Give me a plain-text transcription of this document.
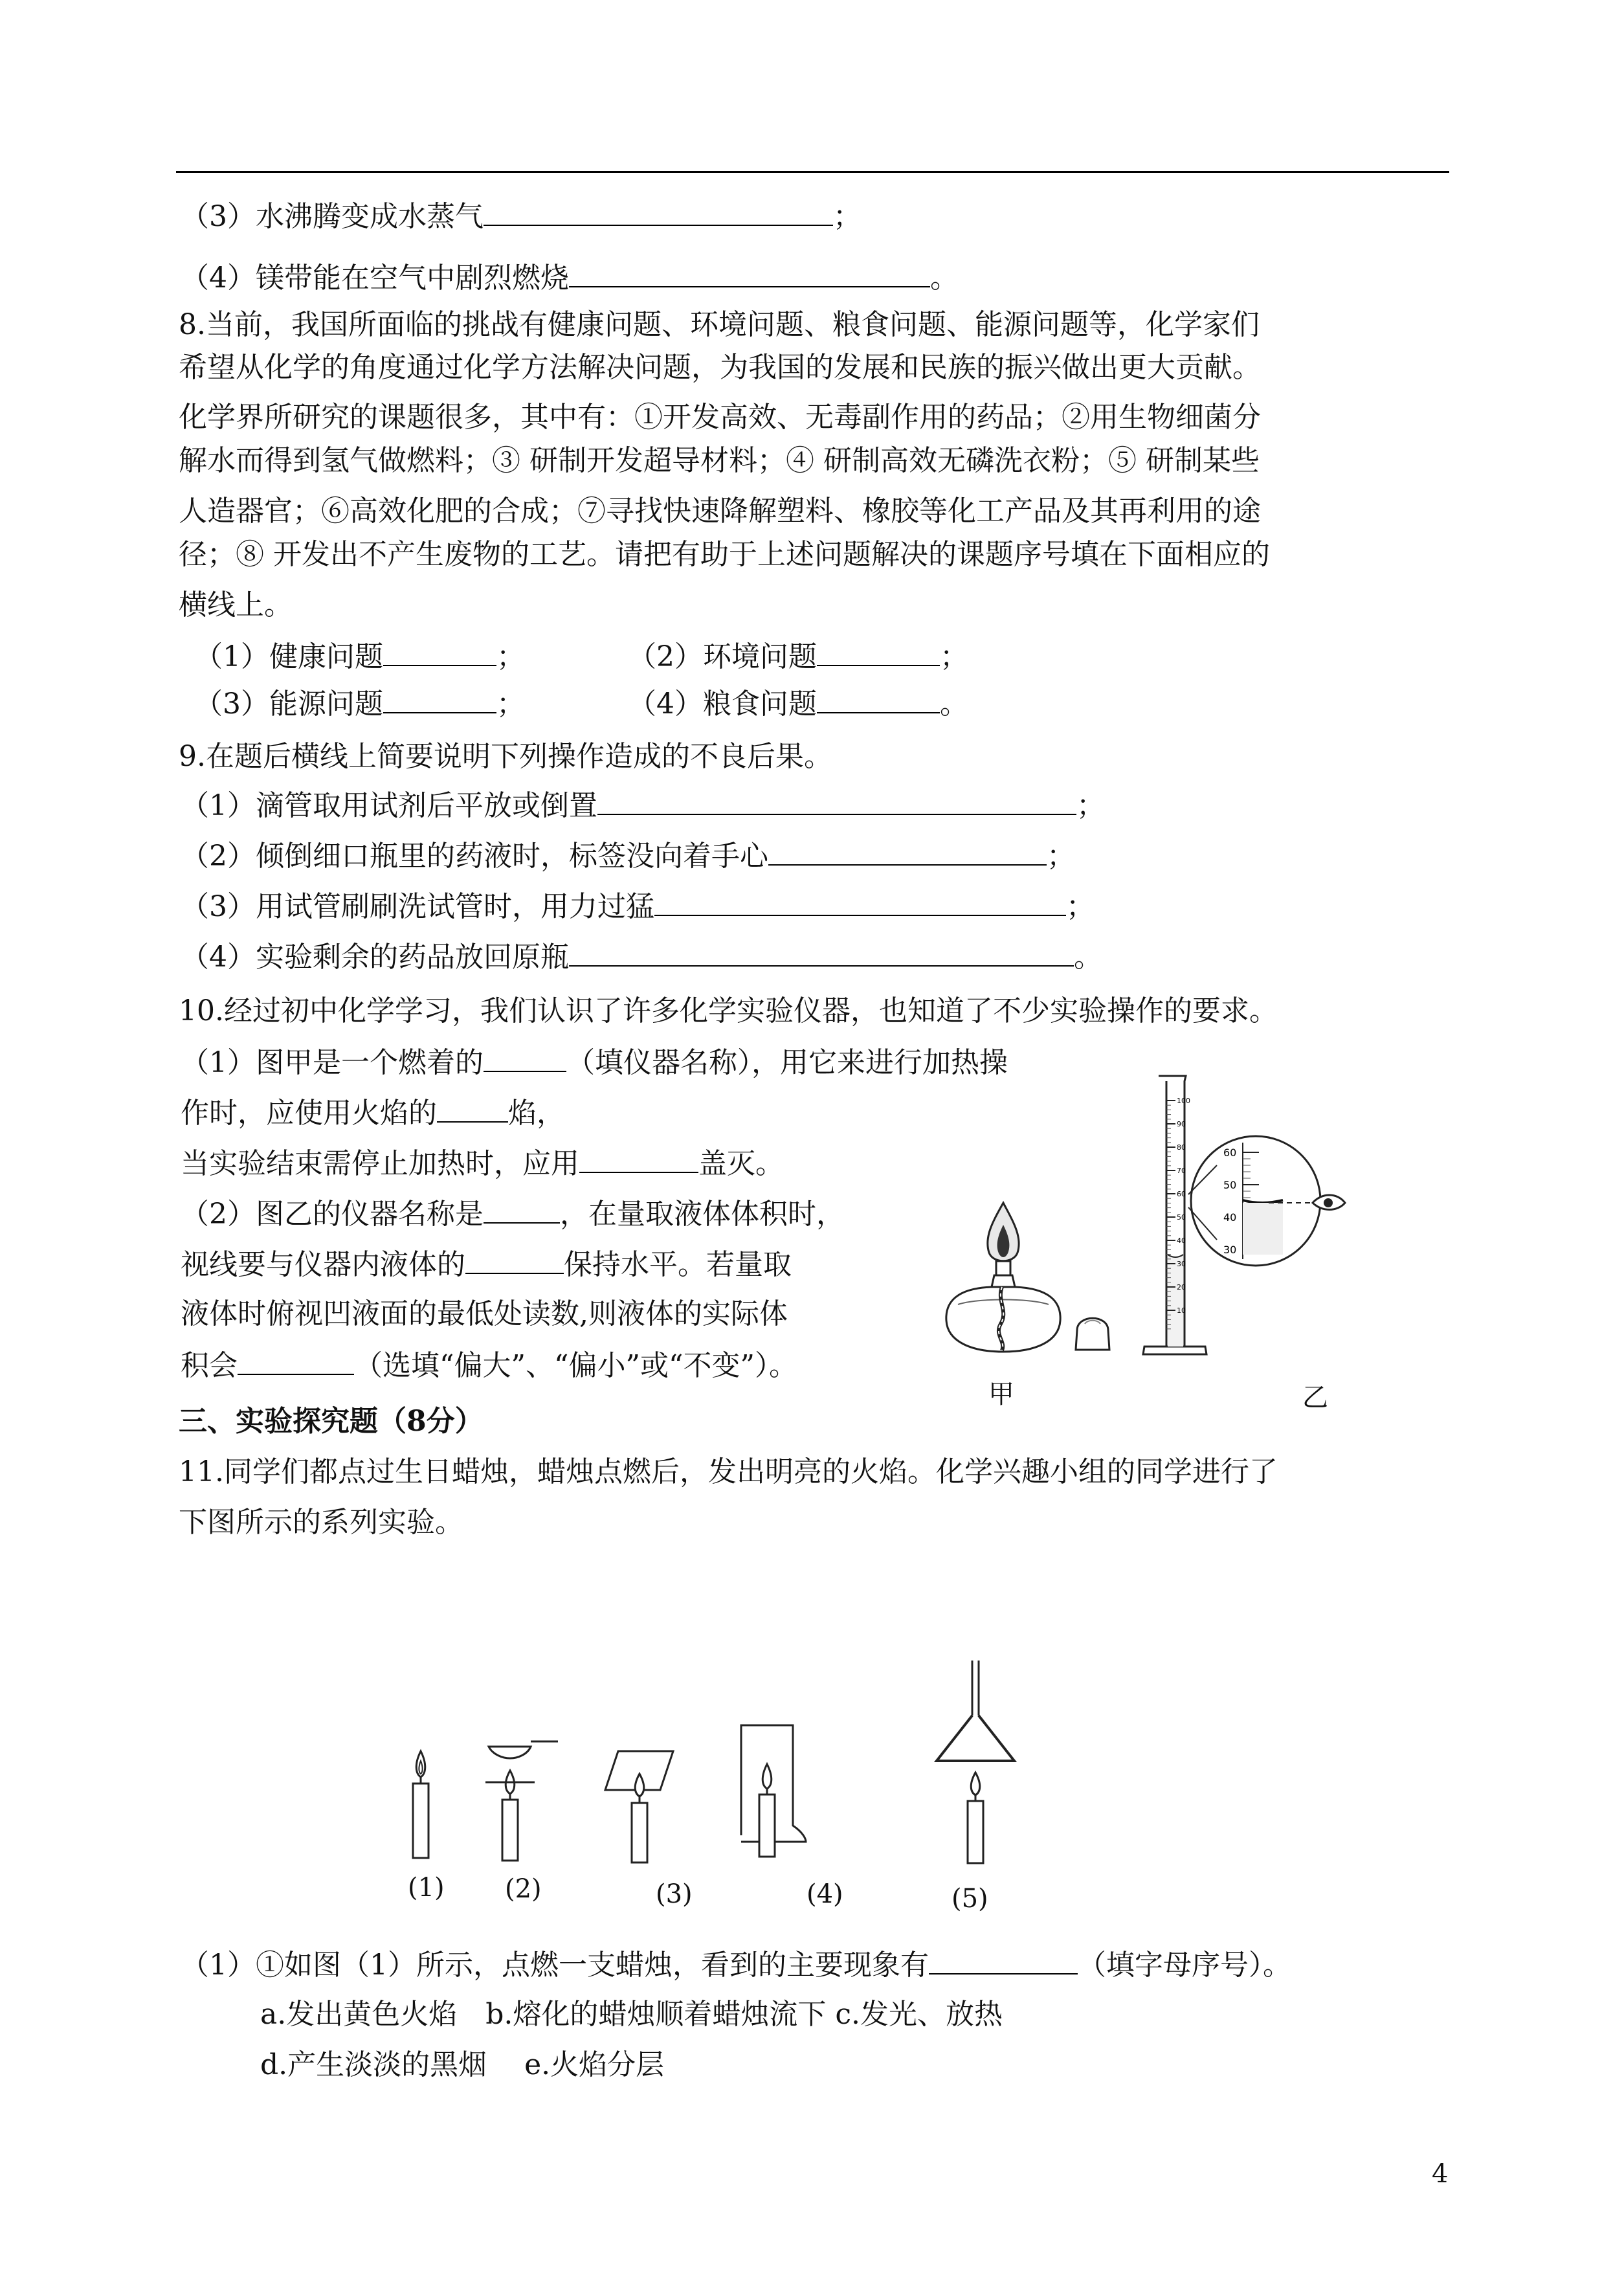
（3）水沸腾变成水蒸气	；
（4）镁带能在空气中剧烈燃烧	。
8.当前，我国所面临的挑战有健康问题、环境问题、粮食问题、能源问题等，化学家们
希望从化学的角度通过化学方法解决问题，为我国的发展和民族的振兴做出更大贡献。
化学界所研究的课题很多，其中有：①开发高效、无毒副作用的药品；②用生物细菌分
解水而得到氢气做燃料；③ 研制开发超导材料；④ 研制高效无磷洗衣粉；⑤ 研制某些
人造器官；⑥高效化肥的合成；⑦寻找快速降解塑料、橡胶等化工产品及其再利用的途
径；⑧ 开发出不产生废物的工艺。请把有助于上述问题解决的课题序号填在下面相应的
横线上。
（1）健康问题	；	（2）环境问题	；
（3）能源问题	；	（4）粮食问题	。
9.在题后横线上简要说明下列操作造成的不良后果。
（1）滴管取用试剂后平放或倒置	；
（2）倾倒细口瓶里的药液时，标签没向着手心	；
（3）用试管刷刷洗试管时，用力过猛	；
（4）实验剩余的药品放回原瓶	。
10.经过初中化学学习，我们认识了许多化学实验仪器，也知道了不少实验操作的要求。
（1）图甲是一个燃着的	（填仪器名称），用它来进行加热操
作时，应使用火焰的	焰，
当实验结束需停止加热时，应用	盖灭。
（2）图乙的仪器名称是	，在量取液体体积时，
视线要与仪器内液体的	保持水平。若量取
液体时俯视凹液面的最低处读数,则液体的实际体
积会	（选填“偏大”、“偏小”或“不变”）。
甲
100
90
80
70
60
50
40
30
20
10
60
50
40
30
乙
三、实验探究题（8分）
11.同学们都点过生日蜡烛，蜡烛点燃后，发出明亮的火焰。化学兴趣小组的同学进行了
下图所示的系列实验。
(1) (2)	(3)	(4)	(5)
（1）①如图（1）所示，点燃一支蜡烛，看到的主要现象有	（填字母序号）。
a.发出黄色火焰　b.熔化的蜡烛顺着蜡烛流下 c.发光、放热
d.产生淡淡的黑烟　 e.火焰分层
4
